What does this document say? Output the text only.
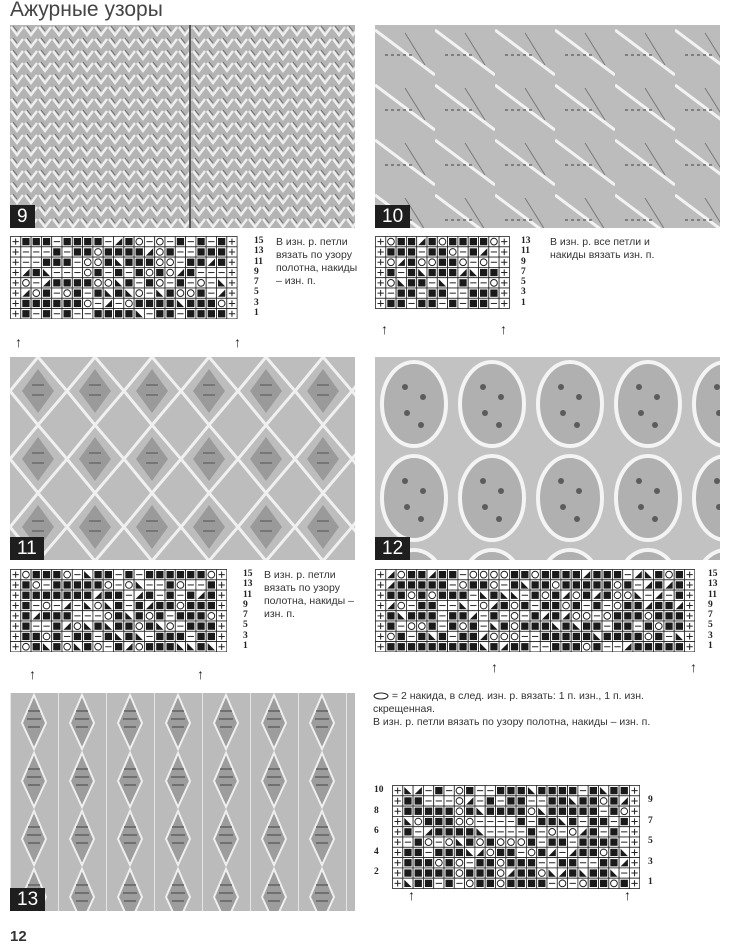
Ажурные узоры
9
15
13
11
9
7
5
3
1
↑	↑
В изн. р. петли вязать по узору полотна, накиды – изн. п.
10
13
11
9
7
5
3
1
↑	↑
В изн. р. все петли и накиды вязать изн. п.
11
15
13
11
9
7
5
3
1
↑	↑
В изн. р. петли вязать по узору полотна, накиды – изн. п.
12
15
13
11
9
7
5
3
1
↑	↑
13

= 2 накида, в след. изн. р. вязать: 1 п. изн., 1 п. изн. скрещенная.

В изн. р. петли вязать по узору полотна, накиды – изн. п.

10
8
6
4
2
9
7
5
3
1
↑	↑
12
